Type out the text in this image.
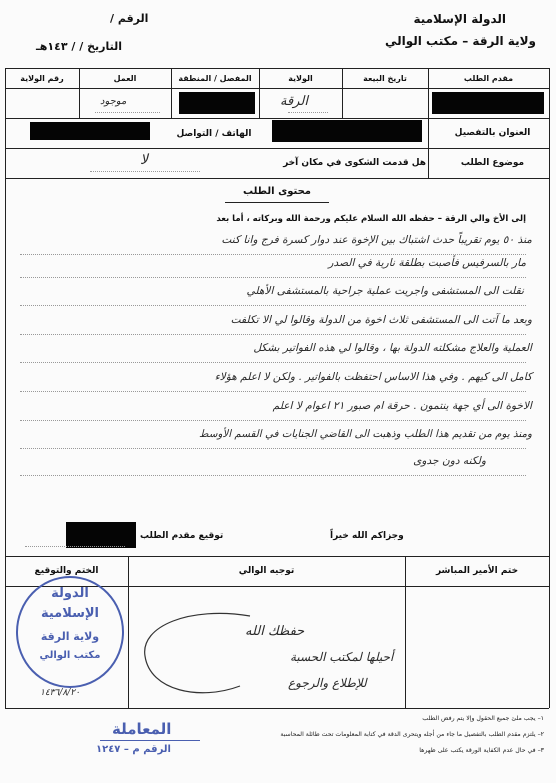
الدولة الإسلامية
ولاية الرقة – مكتب الوالي
الرقم /
التاريخ / / ١٤٣هـ
مقدم الطلب
تاريخ البيعة
الولاية
المفصل / المنطقة
العمل
رقم الولاية
الرقة
موجود
العنوان بالتفصيل
الهاتف / التواصل
موضوع الطلب
هل قدمت الشكوى في مكان آخر
لا
محتوى الطلب
إلى الأخ والي الرقة – حفظه الله السلام عليكم ورحمة الله وبركاته ، أما بعد
منذ ٥٠ يوم تقريباً حدث اشتباك بين الإخوة عند دوار كسرة فرج وانا كنت
مار بالسرفيس فأصبت بطلقة نارية في الصدر
نقلت الى المستشفى واجريت عملية جراحية بالمستشفى الأهلي
وبعد ما آتت الى المستشفى ثلاث اخوة من الدولة وقالوا لي الا تكلفت
العملية والعلاج مشكلته الدولة بها ، وقالوا لي هذه الفواتير بشكل
كامل الى كيهم . وفي هذا الاساس احتفظت بالفواتير . ولكن لا اعلم هؤلاء
الاخوة الى أي جهة ينتمون . حرقة ام صبور ٢١ اعوام لا اعلم
ومنذ يوم من تقديم هذا الطلب وذهبت الى القاضي الجنايات في القسم الأوسط
ولكنه دون جدوى
وجزاكم الله خيراً
توقيع مقدم الطلب
ختم الأمير المباشر
توجيه الوالي
الختم والتوقيع
حفظك الله
أحيلها لمكتب الحسبة
للإطلاع والرجوع
الدولة
الإسلامية
ولاية الرقة
مكتب الوالي
١٤٣٦/٨/٢٠
المعاملة
الرقم م – ١٢٤٧
١– يجب ملئ جميع الحقول وإلا يتم رفض الطلب
٢– يلتزم مقدم الطلب بالتفصيل ما جاء من أجله ويتحرى الدقة في كتابة المعلومات تحت طائلة المحاسبة
٣– في حال عدم الكفاية الورقة يكتب على ظهرها
